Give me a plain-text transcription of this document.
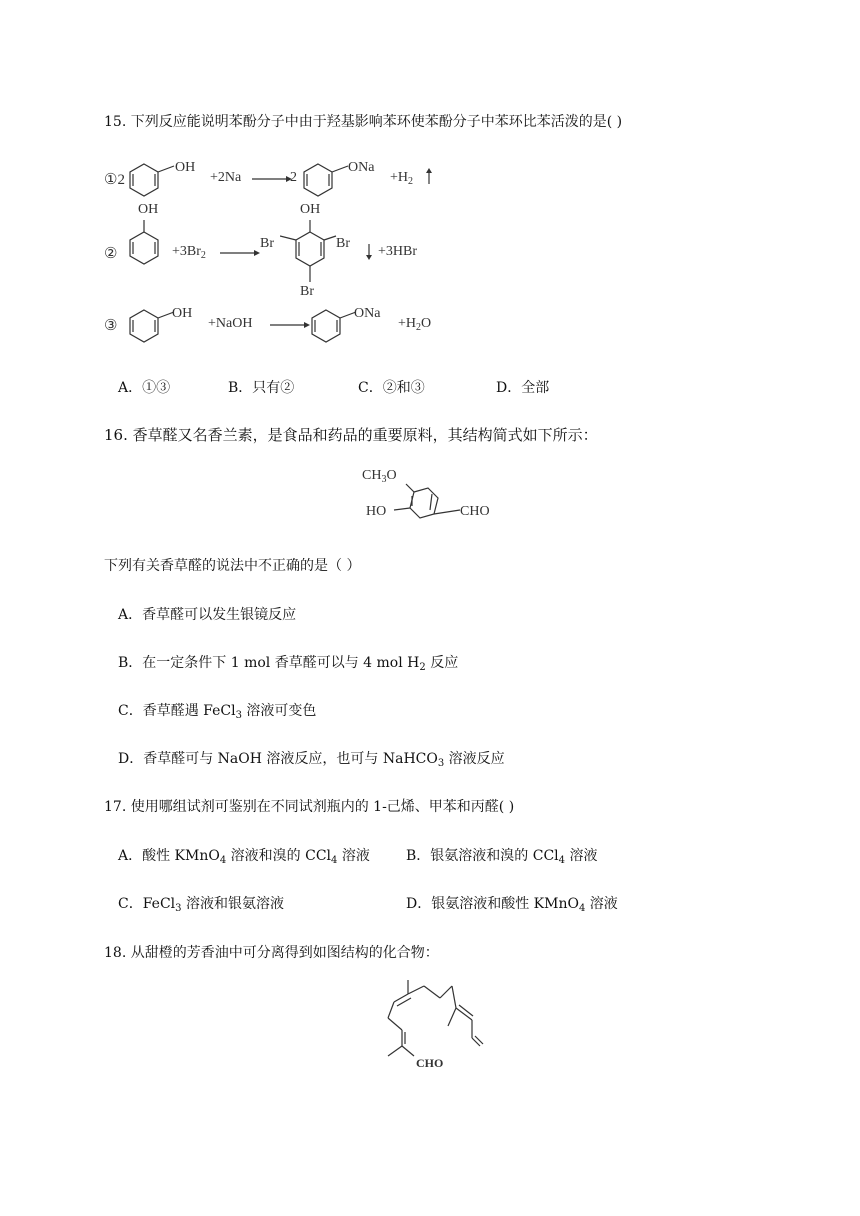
15. 下列反应能说明苯酚分子中由于羟基影响苯环使苯酚分子中苯环比苯活泼的是( )
①2
OH
+2Na	2
ONa
$+H_2$
OH
②	$+3Br_2$
OH
Br	Br
Br
+3HBr
③
OH
+NaOH
ONa
$+H_2O$
A．①③	B．只有②	C．②和③	D．全部
16. 香草醛又名香兰素，是食品和药品的重要原料，其结构简式如下所示：
$CH_3O$
HO	CHO
下列有关香草醛的说法中不正确的是（ ）
A．香草醛可以发生银镜反应
B．在一定条件下 1 mol 香草醛可以与 4 mol $H_2$ 反应
C．香草醛遇 FeCl$_3$ 溶液可变色
D．香草醛可与 NaOH 溶液反应，也可与 NaHCO$_3$ 溶液反应
17. 使用哪组试剂可鉴别在不同试剂瓶内的 1-己烯、甲苯和丙醛( )
A．酸性 KMnO$_4$ 溶液和溴的 CCl$_4$ 溶液	B．银氨溶液和溴的 CCl$_4$ 溶液
C．FeCl$_3$ 溶液和银氨溶液	D．银氨溶液和酸性 KMnO$_4$ 溶液
18. 从甜橙的芳香油中可分离得到如图结构的化合物：
CHO
